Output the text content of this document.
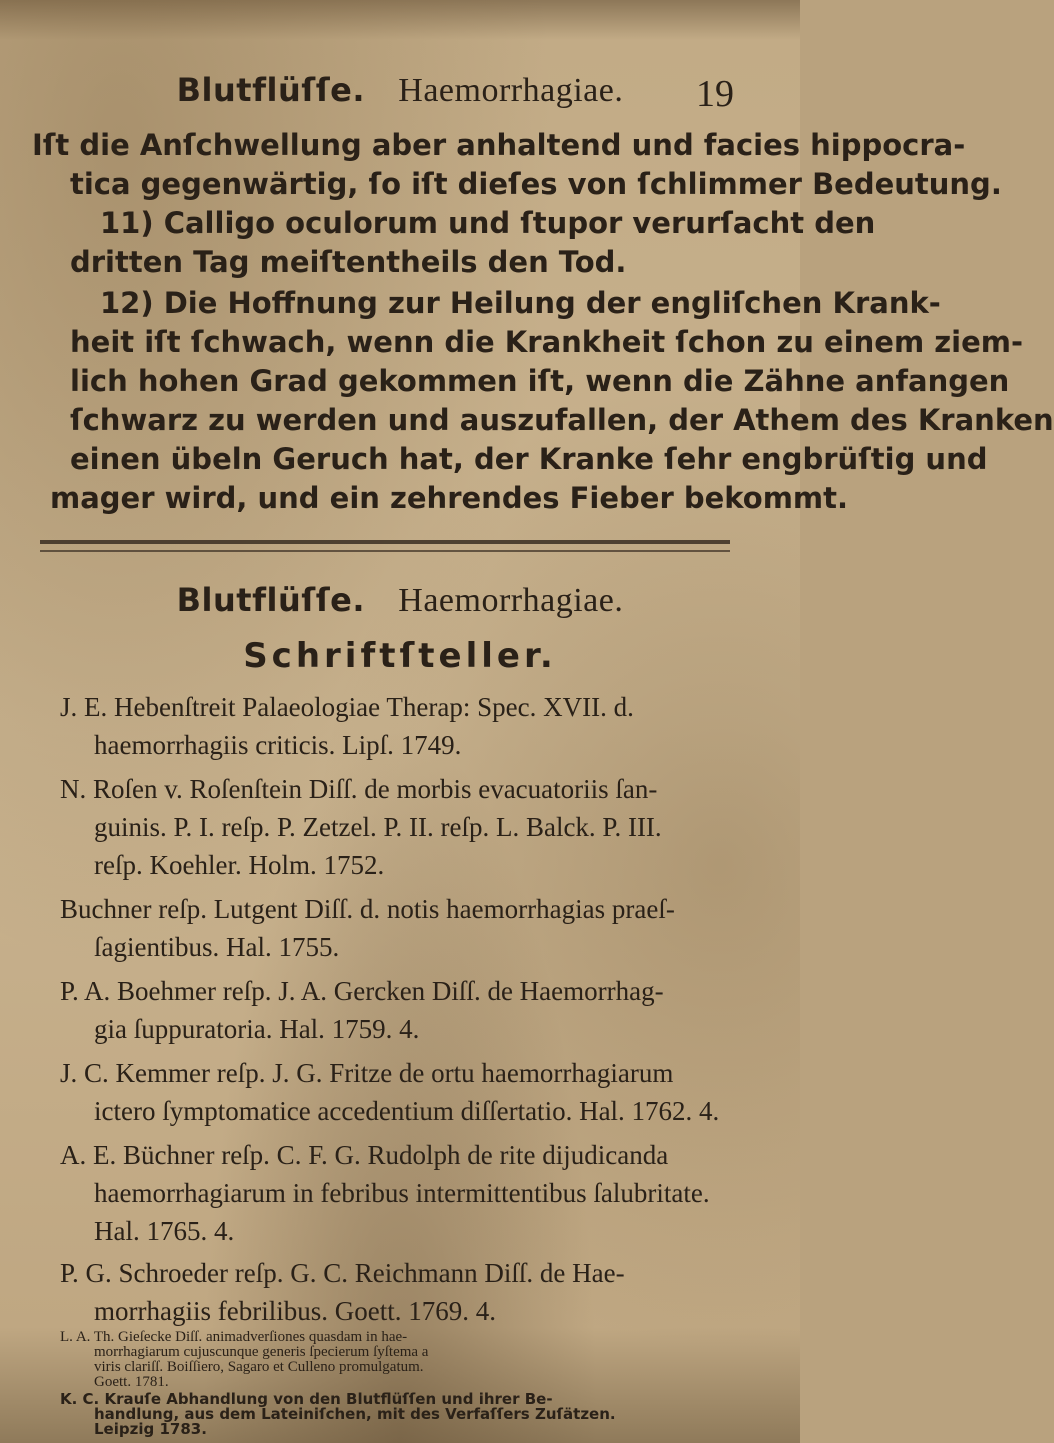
Blutflüſſe. Haemorrhagiae.	19
Iſt die Anſchwellung aber anhaltend und facies hippocra-
tica gegenwärtig, ſo iſt dieſes von ſchlimmer Bedeutung.
11) Calligo oculorum und ſtupor verurſacht den
dritten Tag meiſtentheils den Tod.
12) Die Hoffnung zur Heilung der engliſchen Krank-
heit iſt ſchwach, wenn die Krankheit ſchon zu einem ziem-
lich hohen Grad gekommen iſt, wenn die Zähne anfangen
ſchwarz zu werden und auszufallen, der Athem des Kranken
einen übeln Geruch hat, der Kranke ſehr engbrüſtig und
mager wird, und ein zehrendes Fieber bekommt.
Blutflüſſe. Haemorrhagiae.
Schriftſteller.
J. E. Hebenſtreit Palaeologiae Therap: Spec. XVII. d.
haemorrhagiis criticis. Lipſ. 1749.
N. Roſen v. Roſenſtein Diſſ. de morbis evacuatoriis ſan-
guinis. P. I. reſp. P. Zetzel. P. II. reſp. L. Balck. P. III.
reſp. Koehler. Holm. 1752.
Buchner reſp. Lutgent Diſſ. d. notis haemorrhagias praeſ-
ſagientibus. Hal. 1755.
P. A. Boehmer reſp. J. A. Gercken Diſſ. de Haemorrhag-
gia ſuppuratoria. Hal. 1759. 4.
J. C. Kemmer reſp. J. G. Fritze de ortu haemorrhagiarum
ictero ſymptomatice accedentium diſſertatio. Hal. 1762. 4.
A. E. Büchner reſp. C. F. G. Rudolph de rite dijudicanda
haemorrhagiarum in febribus intermittentibus ſalubritate.
Hal. 1765. 4.
P. G. Schroeder reſp. G. C. Reichmann Diſſ. de Hae-
morrhagiis febrilibus. Goett. 1769. 4.
L. A. Th. Gieſecke Diſſ. animadverſiones quasdam in hae-
morrhagiarum cujuscunque generis ſpecierum ſyſtema a
viris clariſſ. Boiſſiero, Sagaro et Culleno promulgatum.
Goett. 1781.
K. C. Krauſe Abhandlung von den Blutflüſſen und ihrer Be-
handlung, aus dem Lateiniſchen, mit des Verfaſſers Zuſätzen.
Leipzig 1783.
